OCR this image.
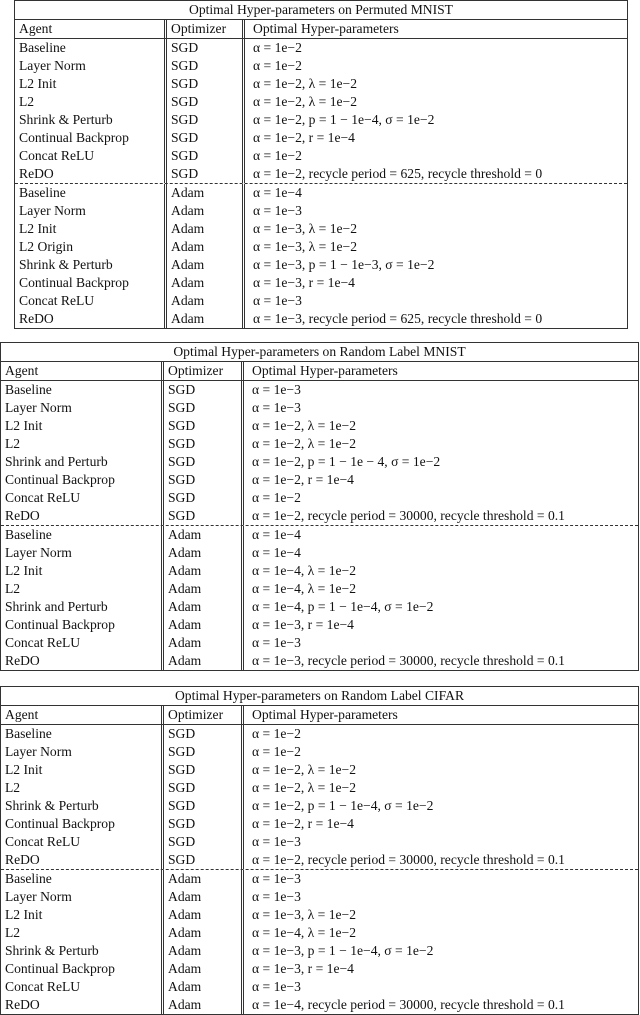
Optimal Hyper-parameters on Permuted MNIST
Agent	Optimizer	Optimal Hyper-parameters
Baseline	SGD	α = 1e−2
Layer Norm	SGD	α = 1e−2
L2 Init	SGD	α = 1e−2, λ = 1e−2
L2	SGD	α = 1e−2, λ = 1e−2
Shrink & Perturb	SGD	α = 1e−2, p = 1 − 1e−4, σ = 1e−2
Continual Backprop	SGD	α = 1e−2, r = 1e−4
Concat ReLU	SGD	α = 1e−2
ReDO	SGD	α = 1e−2, recycle period = 625, recycle threshold = 0
Baseline	Adam	α = 1e−4
Layer Norm	Adam	α = 1e−3
L2 Init	Adam	α = 1e−3, λ = 1e−2
L2 Origin	Adam	α = 1e−3, λ = 1e−2
Shrink & Perturb	Adam	α = 1e−3, p = 1 − 1e−3, σ = 1e−2
Continual Backprop	Adam	α = 1e−3, r = 1e−4
Concat ReLU	Adam	α = 1e−3
ReDO	Adam	α = 1e−3, recycle period = 625, recycle threshold = 0
Optimal Hyper-parameters on Random Label MNIST
Agent	Optimizer	Optimal Hyper-parameters
Baseline	SGD	α = 1e−3
Layer Norm	SGD	α = 1e−3
L2 Init	SGD	α = 1e−2, λ = 1e−2
L2	SGD	α = 1e−2, λ = 1e−2
Shrink and Perturb	SGD	α = 1e−2, p = 1 − 1e − 4, σ = 1e−2
Continual Backprop	SGD	α = 1e−2, r = 1e−4
Concat ReLU	SGD	α = 1e−2
ReDO	SGD	α = 1e−2, recycle period = 30000, recycle threshold = 0.1
Baseline	Adam	α = 1e−4
Layer Norm	Adam	α = 1e−4
L2 Init	Adam	α = 1e−4, λ = 1e−2
L2	Adam	α = 1e−4, λ = 1e−2
Shrink and Perturb	Adam	α = 1e−4, p = 1 − 1e−4, σ = 1e−2
Continual Backprop	Adam	α = 1e−3, r = 1e−4
Concat ReLU	Adam	α = 1e−3
ReDO	Adam	α = 1e−3, recycle period = 30000, recycle threshold = 0.1
Optimal Hyper-parameters on Random Label CIFAR
Agent	Optimizer	Optimal Hyper-parameters
Baseline	SGD	α = 1e−2
Layer Norm	SGD	α = 1e−2
L2 Init	SGD	α = 1e−2, λ = 1e−2
L2	SGD	α = 1e−2, λ = 1e−2
Shrink & Perturb	SGD	α = 1e−2, p = 1 − 1e−4, σ = 1e−2
Continual Backprop	SGD	α = 1e−2, r = 1e−4
Concat ReLU	SGD	α = 1e−3
ReDO	SGD	α = 1e−2, recycle period = 30000, recycle threshold = 0.1
Baseline	Adam	α = 1e−3
Layer Norm	Adam	α = 1e−3
L2 Init	Adam	α = 1e−3, λ = 1e−2
L2	Adam	α = 1e−4, λ = 1e−2
Shrink & Perturb	Adam	α = 1e−3, p = 1 − 1e−4, σ = 1e−2
Continual Backprop	Adam	α = 1e−3, r = 1e−4
Concat ReLU	Adam	α = 1e−3
ReDO	Adam	α = 1e−4, recycle period = 30000, recycle threshold = 0.1
